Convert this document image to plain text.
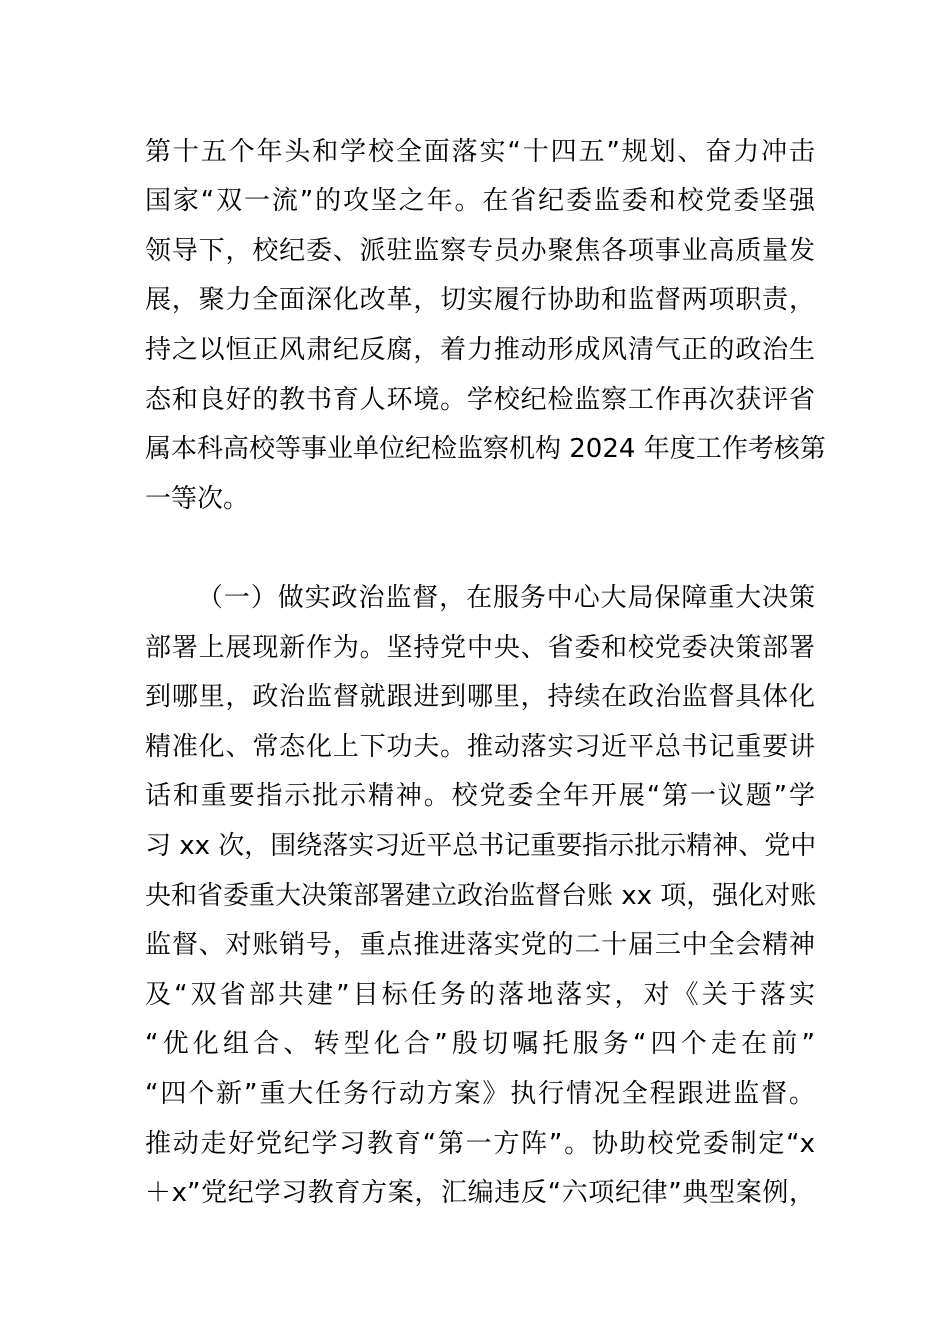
第十五个年头和学校全面落实“十四五”规划、奋力冲击
国家“双一流”的攻坚之年。在省纪委监委和校党委坚强
领导下，校纪委、派驻监察专员办聚焦各项事业高质量发
展，聚力全面深化改革，切实履行协助和监督两项职责，
持之以恒正风肃纪反腐，着力推动形成风清气正的政治生
态和良好的教书育人环境。学校纪检监察工作再次获评省
属本科高校等事业单位纪检监察机构 2024 年度工作考核第
一等次。
（一）做实政治监督，在服务中心大局保障重大决策
部署上展现新作为。坚持党中央、省委和校党委决策部署
到哪里，政治监督就跟进到哪里，持续在政治监督具体化
精准化、常态化上下功夫。推动落实习近平总书记重要讲
话和重要指示批示精神。校党委全年开展“第一议题”学
习 xx 次，围绕落实习近平总书记重要指示批示精神、党中
央和省委重大决策部署建立政治监督台账 xx 项，强化对账
监督、对账销号，重点推进落实党的二十届三中全会精神
及“双省部共建”目标任务的落地落实，对《关于落实
“优化组合、转型化合”殷切嘱托服务“四个走在前”
“四个新”重大任务行动方案》执行情况全程跟进监督。
推动走好党纪学习教育“第一方阵”。协助校党委制定“x
＋x”党纪学习教育方案，汇编违反“六项纪律”典型案例，
